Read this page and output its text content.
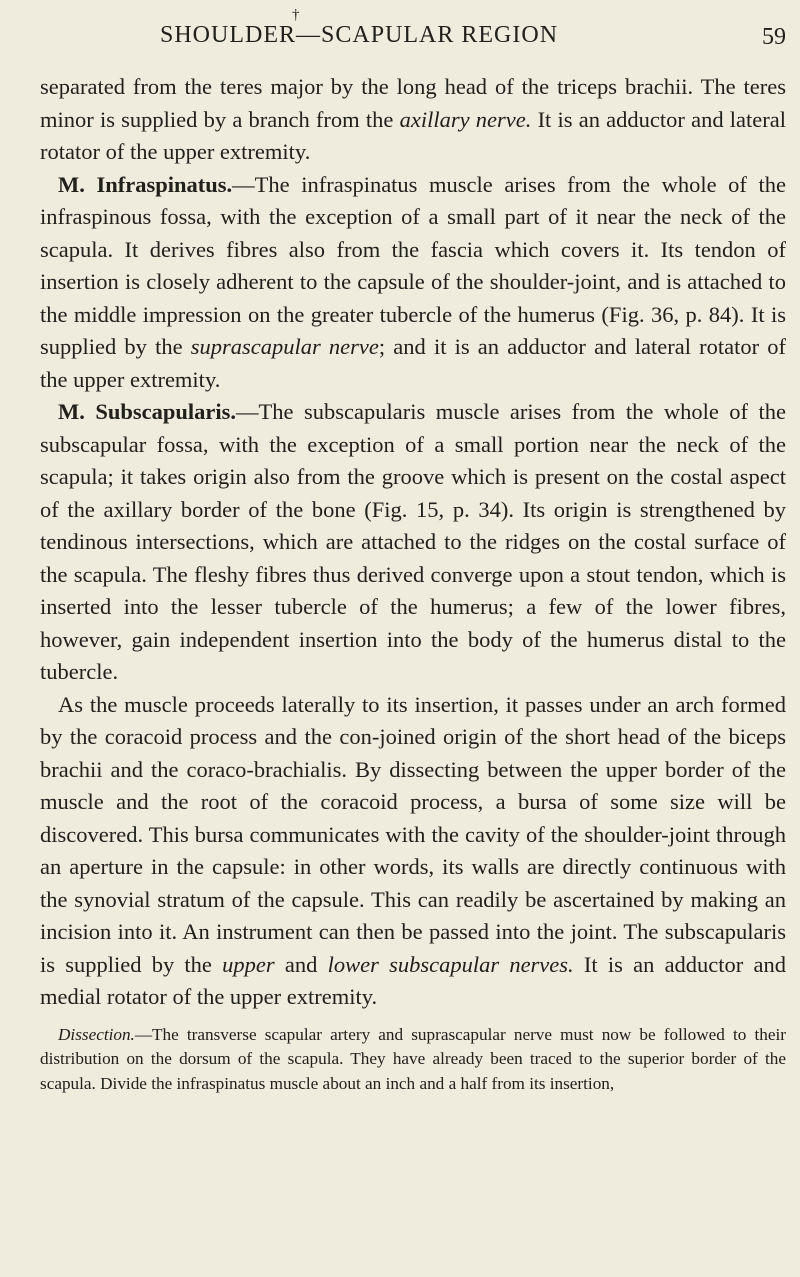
†
SHOULDER—SCAPULAR REGION	59

separated from the teres major by the long head of the triceps brachii. The teres minor is supplied by a branch from the axillary nerve. It is an adductor and lateral rotator of the upper extremity.

M. Infraspinatus.—The infraspinatus muscle arises from the whole of the infraspinous fossa, with the exception of a small part of it near the neck of the scapula. It derives fibres also from the fascia which covers it. Its tendon of insertion is closely adherent to the capsule of the shoulder-joint, and is attached to the middle impression on the greater tubercle of the humerus (Fig. 36, p. 84). It is supplied by the suprascapular nerve; and it is an adductor and lateral rotator of the upper extremity.

M. Subscapularis.—The subscapularis muscle arises from the whole of the subscapular fossa, with the exception of a small portion near the neck of the scapula; it takes origin also from the groove which is present on the costal aspect of the axillary border of the bone (Fig. 15, p. 34). Its origin is strengthened by tendinous intersections, which are attached to the ridges on the costal surface of the scapula. The fleshy fibres thus derived converge upon a stout tendon, which is inserted into the lesser tubercle of the humerus; a few of the lower fibres, however, gain independent insertion into the body of the humerus distal to the tubercle.

As the muscle proceeds laterally to its insertion, it passes under an arch formed by the coracoid process and the con-joined origin of the short head of the biceps brachii and the coraco-brachialis. By dissecting between the upper border of the muscle and the root of the coracoid process, a bursa of some size will be discovered. This bursa communicates with the cavity of the shoulder-joint through an aperture in the capsule: in other words, its walls are directly continuous with the synovial stratum of the capsule. This can readily be ascertained by making an incision into it. An instrument can then be passed into the joint. The subscapularis is supplied by the upper and lower subscapular nerves. It is an adductor and medial rotator of the upper extremity.

Dissection.—The transverse scapular artery and suprascapular nerve must now be followed to their distribution on the dorsum of the scapula. They have already been traced to the superior border of the scapula. Divide the infraspinatus muscle about an inch and a half from its insertion,
